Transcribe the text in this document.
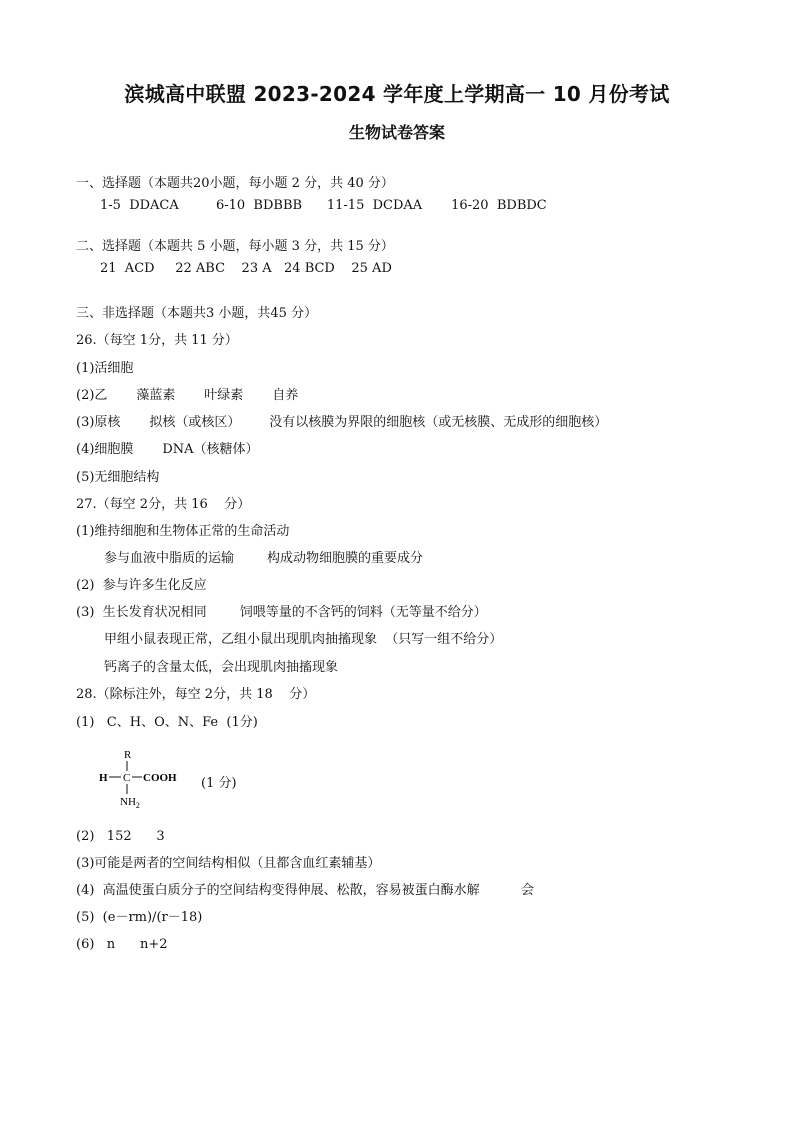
滨城高中联盟 2023-2024 学年度上学期高一 10 月份考试
生物试卷答案
一、选择题（本题共20小题，每小题 2 分，共 40 分）
1-5  DDACA         6-10  BDBBB      11-15  DCDAA       16-20  BDBDC
二、选择题（本题共 5 小题，每小题 3 分，共 15 分）
21  ACD     22 ABC    23 A   24 BCD    25 AD
三、非选择题（本题共3 小题，共45 分）
26.（每空 1分，共 11 分）
(1)活细胞
(2)乙       藻蓝素       叶绿素       自养
(3)原核       拟核（或核区）       没有以核膜为界限的细胞核（或无核膜、无成形的细胞核）
(4)细胞膜       DNA（核糖体）
(5)无细胞结构
27.（每空 2分，共 16    分）
(1)维持细胞和生物体正常的生命活动
参与血液中脂质的运输        构成动物细胞膜的重要成分
(2)  参与许多生化反应
(3)  生长发育状况相同        饲喂等量的不含钙的饲料（无等量不给分）
甲组小鼠表现正常，乙组小鼠出现肌肉抽搐现象  （只写一组不给分）
钙离子的含量太低，会出现肌肉抽搐现象
28.（除标注外，每空 2分，共 18    分）
(1)   C、H、O、N、Fe  (1分)
R
H C COOH
$NH_2$
(1 分)
(2)   152      3
(3)可能是两者的空间结构相似（且都含血红素辅基）
(4)  高温使蛋白质分子的空间结构变得伸展、松散，容易被蛋白酶水解          会
(5)  (e－rm)/(r－18)
(6)   n      n+2
